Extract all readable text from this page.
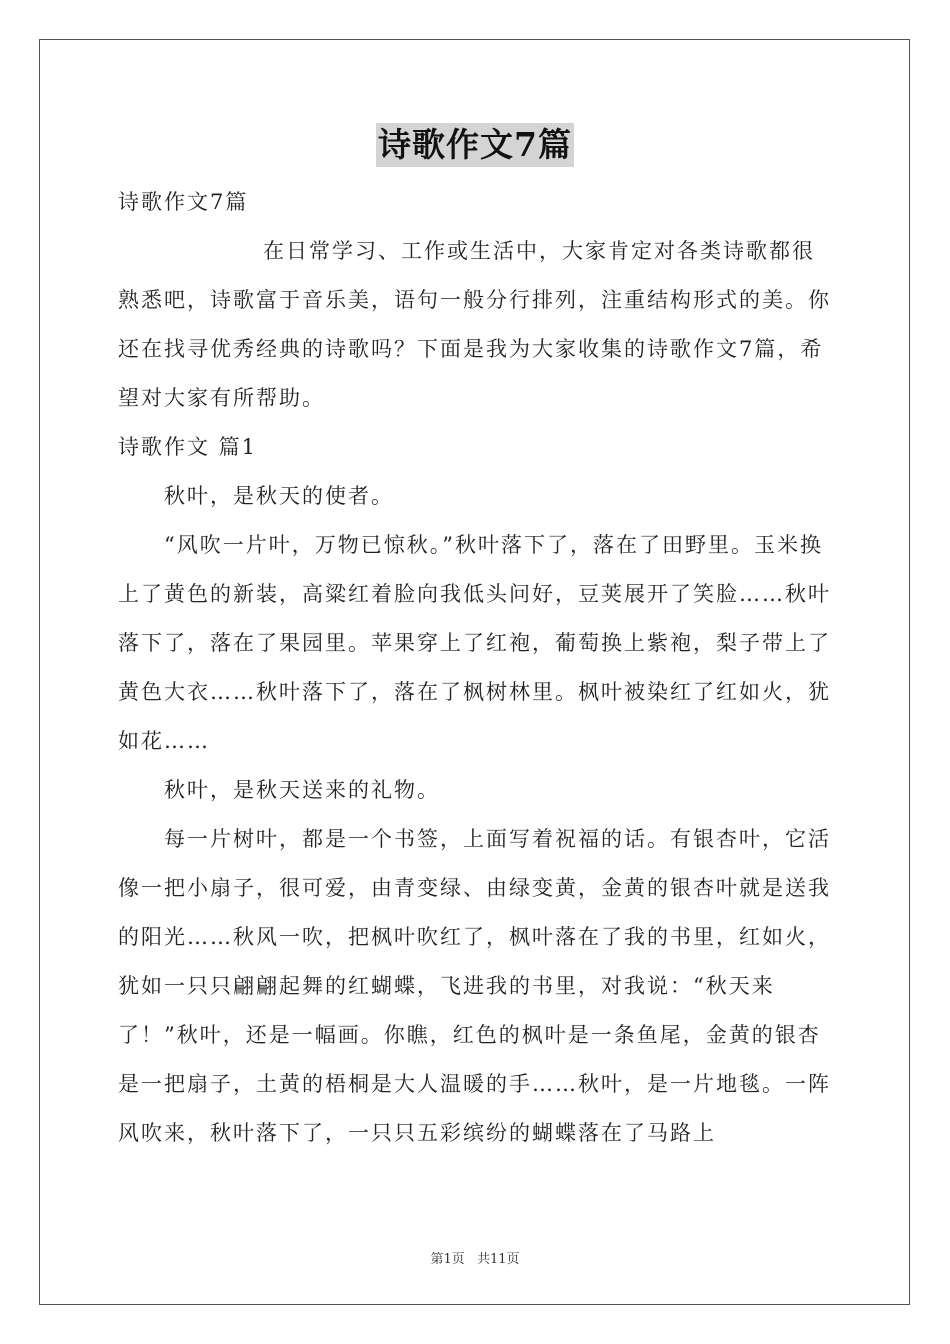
诗歌作文7篇

诗歌作文7篇

在日常学习、工作或生活中，大家肯定对各类诗歌都很熟悉吧，诗歌富于音乐美，语句一般分行排列，注重结构形式的美。你还在找寻优秀经典的诗歌吗？下面是我为大家收集的诗歌作文7篇，希望对大家有所帮助。

诗歌作文 篇1

秋叶，是秋天的使者。

“风吹一片叶，万物已惊秋。”秋叶落下了，落在了田野里。玉米换上了黄色的新装，高粱红着脸向我低头问好，豆荚展开了笑脸……秋叶落下了，落在了果园里。苹果穿上了红袍，葡萄换上紫袍，梨子带上了黄色大衣……秋叶落下了，落在了枫树林里。枫叶被染红了红如火，犹如花……

秋叶，是秋天送来的礼物。

每一片树叶，都是一个书签，上面写着祝福的话。有银杏叶，它活像一把小扇子，很可爱，由青变绿、由绿变黄，金黄的银杏叶就是送我的阳光……秋风一吹，把枫叶吹红了，枫叶落在了我的书里，红如火，犹如一只只翩翩起舞的红蝴蝶，飞进我的书里，对我说：“秋天来了！”秋叶，还是一幅画。你瞧，红色的枫叶是一条鱼尾，金黄的银杏是一把扇子，土黄的梧桐是大人温暖的手……秋叶，是一片地毯。一阵风吹来，秋叶落下了，一只只五彩缤纷的蝴蝶落在了马路上

第1页 共11页
